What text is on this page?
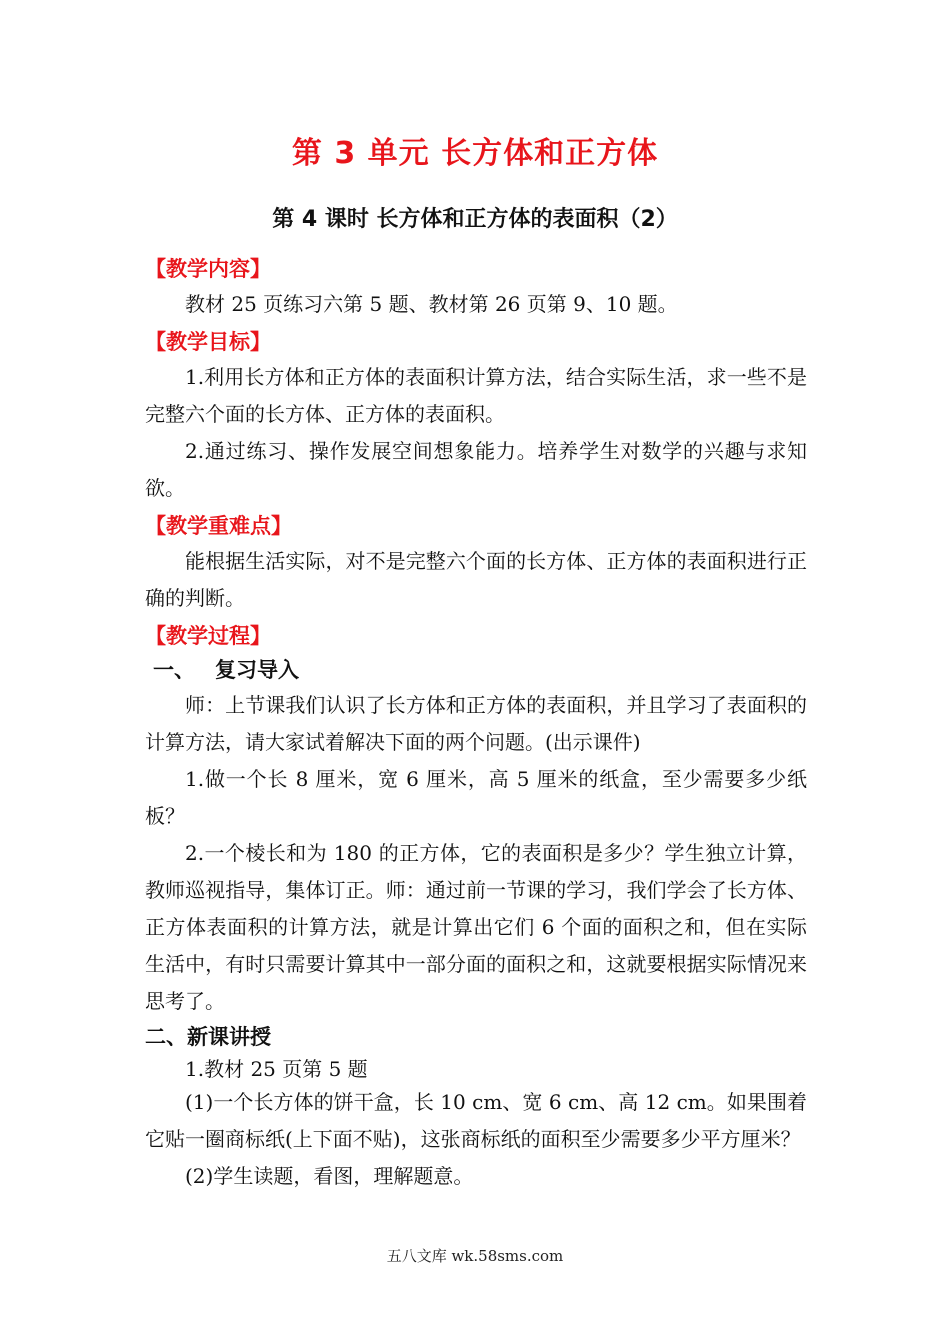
第 3 单元 长方体和正方体
第 4 课时 长方体和正方体的表面积（2）
【教学内容】

教材 25 页练习六第 5 题、教材第 26 页第 9、10 题。

【教学目标】

1.利用长方体和正方体的表面积计算方法，结合实际生活，求一些不是完整六个面的长方体、正方体的表面积。

2.通过练习、操作发展空间想象能力。培养学生对数学的兴趣与求知欲。

【教学重难点】

能根据生活实际，对不是完整六个面的长方体、正方体的表面积进行正确的判断。

【教学过程】
一、 复习导入

师：上节课我们认识了长方体和正方体的表面积，并且学习了表面积的计算方法，请大家试着解决下面的两个问题。(出示课件)

1.做一个长 8 厘米，宽 6 厘米，高 5 厘米的纸盒，至少需要多少纸板？

2.一个棱长和为 180 的正方体，它的表面积是多少？学生独立计算，教师巡视指导，集体订正。师：通过前一节课的学习，我们学会了长方体、正方体表面积的计算方法，就是计算出它们 6 个面的面积之和，但在实际生活中，有时只需要计算其中一部分面的面积之和，这就要根据实际情况来思考了。

二、新课讲授

1.教材 25 页第 5 题

(1)一个长方体的饼干盒，长 10 cm、宽 6 cm、高 12 cm。如果围着它贴一圈商标纸(上下面不贴)，这张商标纸的面积至少需要多少平方厘米？

(2)学生读题，看图，理解题意。

五八文库 wk.58sms.com
